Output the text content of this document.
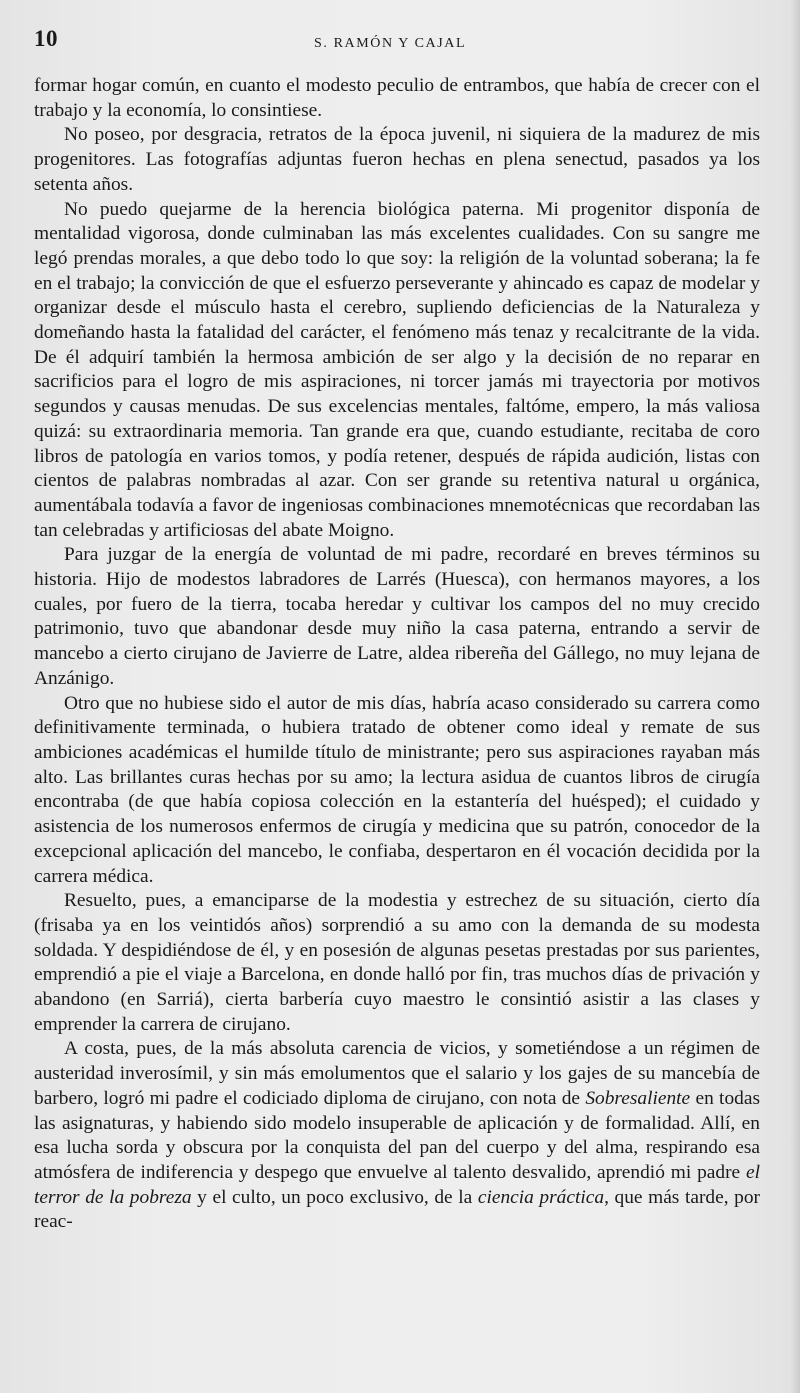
10	S. RAMÓN Y CAJAL

formar hogar común, en cuanto el modesto peculio de entrambos, que había de crecer con el trabajo y la economía, lo consintiese.

No poseo, por desgracia, retratos de la época juvenil, ni siquiera de la madurez de mis progenitores. Las fotografías adjuntas fueron hechas en plena senectud, pasados ya los setenta años.

No puedo quejarme de la herencia biológica paterna. Mi progenitor disponía de mentalidad vigorosa, donde culminaban las más excelentes cualidades. Con su sangre me legó prendas morales, a que debo todo lo que soy: la religión de la voluntad soberana; la fe en el trabajo; la convicción de que el esfuerzo perseverante y ahincado es capaz de modelar y organizar desde el músculo hasta el cerebro, supliendo deficiencias de la Naturaleza y domeñando hasta la fatalidad del carácter, el fenómeno más tenaz y recalcitrante de la vida. De él adquirí también la hermosa ambición de ser algo y la decisión de no reparar en sacrificios para el logro de mis aspiraciones, ni torcer jamás mi trayectoria por motivos segundos y causas menudas. De sus excelencias mentales, faltóme, empero, la más valiosa quizá: su extraordinaria memoria. Tan grande era que, cuando estudiante, recitaba de coro libros de patología en varios tomos, y podía retener, después de rápida audición, listas con cientos de palabras nombradas al azar. Con ser grande su retentiva natural u orgánica, aumentábala todavía a favor de ingeniosas combinaciones mnemotécnicas que recordaban las tan celebradas y artificiosas del abate Moigno.

Para juzgar de la energía de voluntad de mi padre, recordaré en breves términos su historia. Hijo de modestos labradores de Larrés (Huesca), con hermanos mayores, a los cuales, por fuero de la tierra, tocaba heredar y cultivar los campos del no muy crecido patrimonio, tuvo que abandonar desde muy niño la casa paterna, entrando a servir de mancebo a cierto cirujano de Javierre de Latre, aldea ribereña del Gállego, no muy lejana de Anzánigo.

Otro que no hubiese sido el autor de mis días, habría acaso considerado su carrera como definitivamente terminada, o hubiera tratado de obtener como ideal y remate de sus ambiciones académicas el humilde título de ministrante; pero sus aspiraciones rayaban más alto. Las brillantes curas hechas por su amo; la lectura asidua de cuantos libros de cirugía encontraba (de que había copiosa colección en la estantería del huésped); el cuidado y asistencia de los numerosos enfermos de cirugía y medicina que su patrón, conocedor de la excepcional aplicación del mancebo, le confiaba, despertaron en él vocación decidida por la carrera médica.

Resuelto, pues, a emanciparse de la modestia y estrechez de su situación, cierto día (frisaba ya en los veintidós años) sorprendió a su amo con la demanda de su modesta soldada. Y despidiéndose de él, y en posesión de algunas pesetas prestadas por sus parientes, emprendió a pie el viaje a Barcelona, en donde halló por fin, tras muchos días de privación y abandono (en Sarriá), cierta barbería cuyo maestro le consintió asistir a las clases y emprender la carrera de cirujano.

A costa, pues, de la más absoluta carencia de vicios, y sometiéndose a un régimen de austeridad inverosímil, y sin más emolumentos que el salario y los gajes de su mancebía de barbero, logró mi padre el codiciado diploma de cirujano, con nota de Sobresaliente en todas las asignaturas, y habiendo sido modelo insuperable de aplicación y de formalidad. Allí, en esa lucha sorda y obscura por la conquista del pan del cuerpo y del alma, respirando esa atmósfera de indiferencia y despego que envuelve al talento desvalido, aprendió mi padre el terror de la pobreza y el culto, un poco exclusivo, de la ciencia práctica, que más tarde, por reac-
